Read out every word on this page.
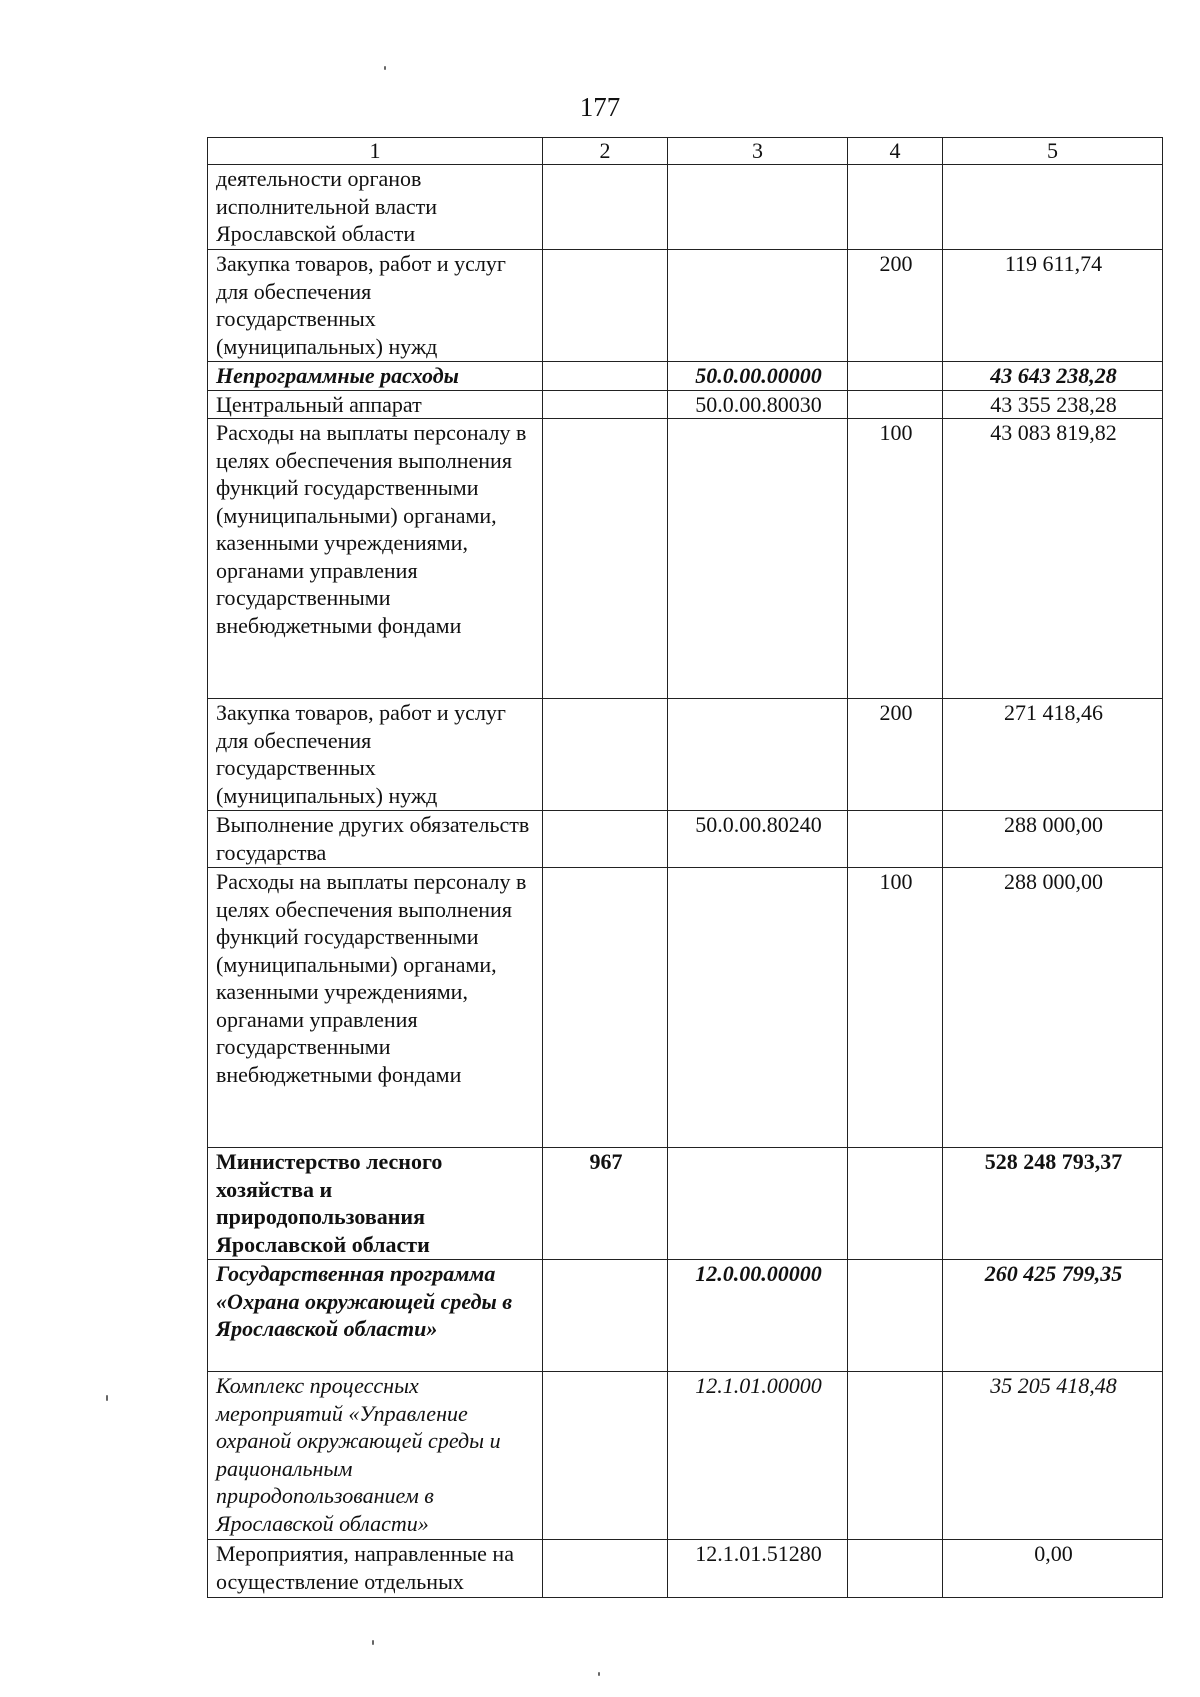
177
1	2	3	4	5
деятельности органов исполнительной власти Ярославской области				
Закупка товаров, работ и услуг для обеспечения государственных (муниципальных) нужд			200	119 611,74
Непрограммные расходы		50.0.00.00000		43 643 238,28
Центральный аппарат		50.0.00.80030		43 355 238,28
Расходы на выплаты персоналу в целях обеспечения выполнения функций государственными (муниципальными) органами, казенными учреждениями, органами управления государственными внебюджетными фондами			100	43 083 819,82
Закупка товаров, работ и услуг для обеспечения государственных (муниципальных) нужд			200	271 418,46
Выполнение других обязательств государства		50.0.00.80240		288 000,00
Расходы на выплаты персоналу в целях обеспечения выполнения функций государственными (муниципальными) органами, казенными учреждениями, органами управления государственными внебюджетными фондами			100	288 000,00
Министерство лесного хозяйства и природопользования Ярославской области	967			528 248 793,37
Государственная программа «Охрана окружающей среды в Ярославской области»		12.0.00.00000		260 425 799,35
Комплекс процессных мероприятий «Управление охраной окружающей среды и рациональным природопользованием в Ярославской области»		12.1.01.00000		35 205 418,48
Мероприятия, направленные на осуществление отдельных		12.1.01.51280		0,00
